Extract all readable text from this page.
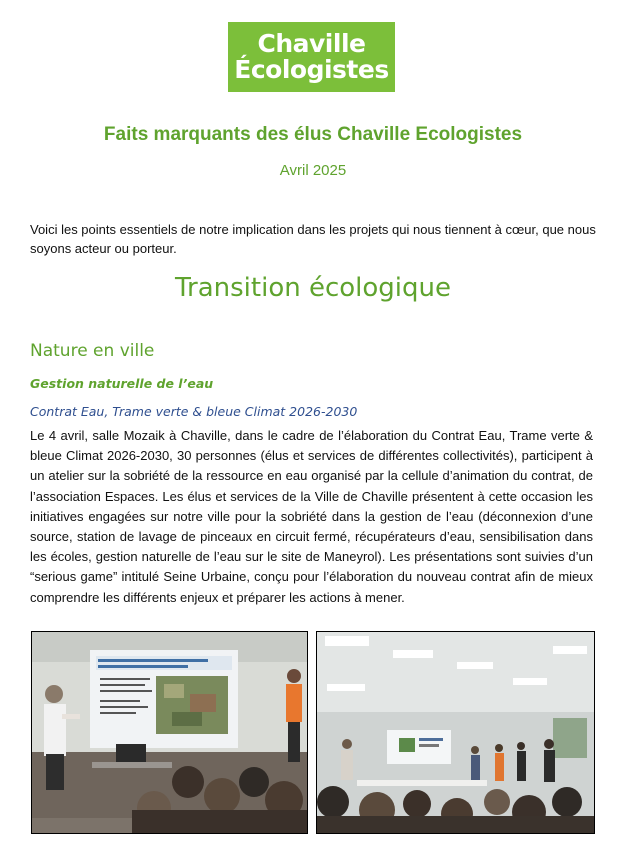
Chaville
Écologistes
Faits marquants des élus Chaville Ecologistes
Avril 2025
Voici les points essentiels de notre implication dans les projets qui nous tiennent à cœur, que nous soyons acteur ou porteur.
Transition écologique
Nature en ville
Gestion naturelle de l’eau
Contrat Eau, Trame verte & bleue Climat 2026-2030
Le 4 avril, salle Mozaik à Chaville, dans le cadre de l’élaboration du Contrat Eau, Trame verte & bleue Climat 2026-2030, 30 personnes (élus et services de différentes collectivités), participent à un atelier sur la sobriété de la ressource en eau organisé par la cellule d’animation du contrat, de l’association Espaces. Les élus et services de la Ville de Chaville présentent à cette occasion les initiatives engagées sur notre ville pour la sobriété dans la gestion de l’eau (déconnexion d’une source, station de lavage de pinceaux en circuit fermé, récupérateurs d’eau, sensibilisation dans les écoles, gestion naturelle de l’eau sur le site de Maneyrol). Les présentations sont suivies d’un “serious game” intitulé Seine Urbaine, conçu pour l’élaboration du nouveau contrat afin de mieux comprendre les différents enjeux et préparer les actions à mener.
